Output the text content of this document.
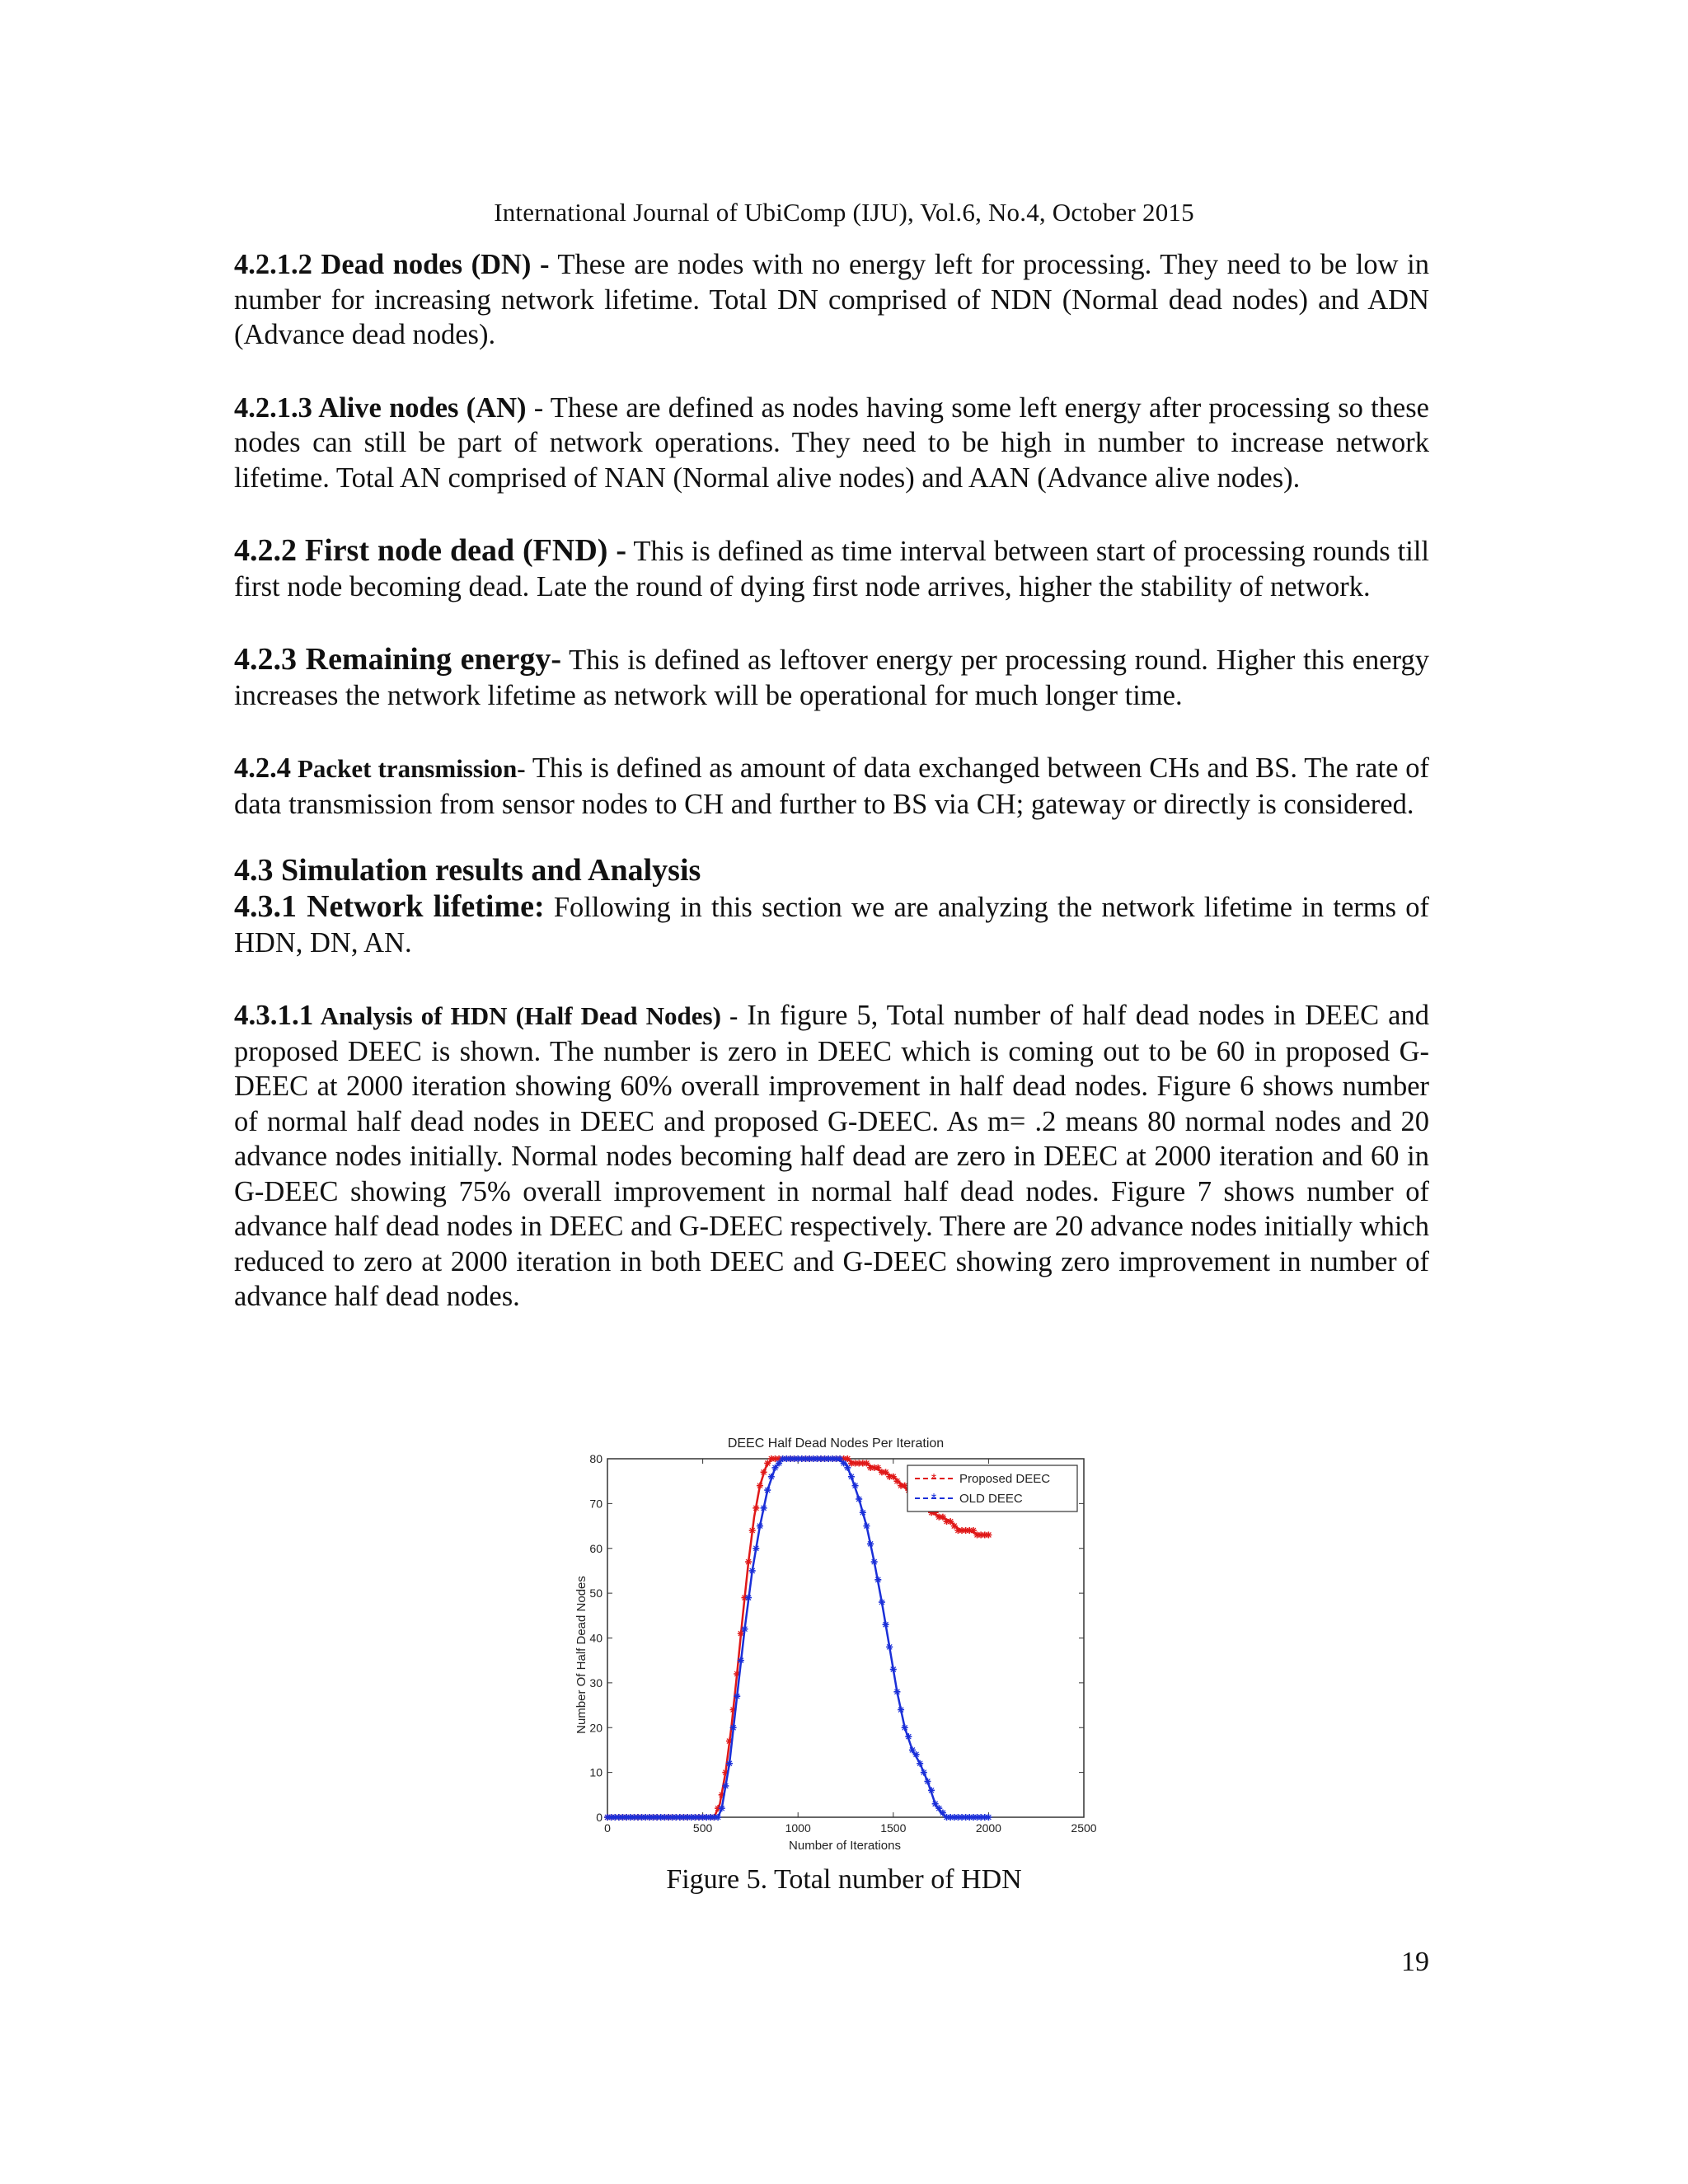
International Journal of UbiComp (IJU), Vol.6, No.4, October 2015

4.2.1.2 Dead nodes (DN) - These are nodes with no energy left for processing. They need to be low in number for increasing network lifetime. Total DN comprised of NDN (Normal dead nodes) and ADN (Advance dead nodes).

4.2.1.3 Alive nodes (AN) - These are defined as nodes having some left energy after processing so these nodes can still be part of network operations. They need to be high in number to increase network lifetime. Total AN comprised of NAN (Normal alive nodes) and AAN (Advance alive nodes).

4.2.2 First node dead (FND) - This is defined as time interval between start of processing rounds till first node becoming dead. Late the round of dying first node arrives, higher the stability of network.

4.2.3 Remaining energy- This is defined as leftover energy per processing round. Higher this energy increases the network lifetime as network will be operational for much longer time.

4.2.4 Packet transmission- This is defined as amount of data exchanged between CHs and BS. The rate of data transmission from sensor nodes to CH and further to BS via CH; gateway or directly is considered.

4.3 Simulation results and Analysis

4.3.1 Network lifetime: Following in this section we are analyzing the network lifetime in terms of HDN, DN, AN.

4.3.1.1 Analysis of HDN (Half Dead Nodes) - In figure 5, Total number of half dead nodes in DEEC and proposed DEEC is shown. The number is zero in DEEC which is coming out to be 60 in proposed G-DEEC at 2000 iteration showing 60% overall improvement in half dead nodes. Figure 6 shows number of normal half dead nodes in DEEC and proposed G-DEEC. As m= .2 means 80 normal nodes and 20 advance nodes initially. Normal nodes becoming half dead are zero in DEEC at 2000 iteration and 60 in G-DEEC showing 75% overall improvement in normal half dead nodes. Figure 7 shows number of advance half dead nodes in DEEC and G-DEEC respectively. There are 20 advance nodes initially which reduced to zero at 2000 iteration in both DEEC and G-DEEC showing zero improvement in number of advance half dead nodes.

DEEC Half Dead Nodes Per Iteration
Number of Iterations
Number Of Half Dead Nodes
0	500	1000	1500	2000	2500
0
10
20
30
40
50
60
70
80
* Proposed DEEC
* OLD DEEC
Figure 5. Total number of HDN
19
